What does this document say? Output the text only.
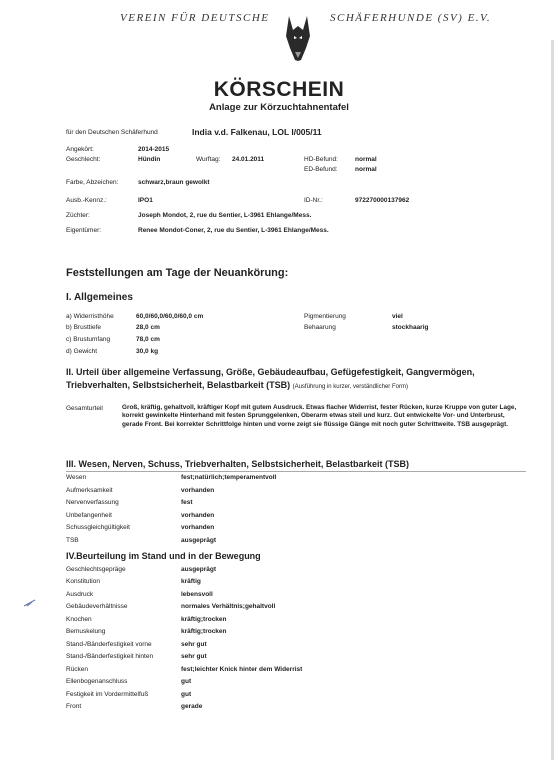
VEREIN FÜR DEUTSCHE	SCHÄFERHUNDE (SV) E.V.
KÖRSCHEIN
Anlage zur Körzuchtahnentafel
für den Deutschen Schäferhund	India v.d. Falkenau, LOL I/005/11
Angekört:	2014-2015
Geschlecht:	Hündin	Wurftag: 24.01.2011	HD-Befund:	normal
ED-Befund:	normal
Farbe, Abzeichen:	schwarz,braun gewolkt
Ausb.-Kennz.:	IPO1	ID-Nr.:	972270000137962
Züchter:	Joseph Mondot, 2, rue du Sentier, L-3961 Ehlange/Mess.
Eigentümer:	Renee Mondot-Coner, 2, rue du Sentier, L-3961 Ehlange/Mess.
Feststellungen am Tage der Neuankörung:
I. Allgemeines
a) Widerristhöhe	60,0/60,0/60,0/60,0 cm	Pigmentierung	viel
b) Brusttiefe	28,0 cm	Behaarung	stockhaarig
c) Brustumfang	78,0 cm
d) Gewicht	30,0 kg
II. Urteil über allgemeine Verfassung, Größe, Gebäudeaufbau, Gefügefestigkeit, Gangvermögen,
Triebverhalten, Selbstsicherheit, Belastbarkeit (TSB) (Ausführung in kurzer, verständlicher Form)
Gesamturteil	Groß, kräftig, gehaltvoll, kräftiger Kopf mit gutem Ausdruck. Etwas flacher Widerrist, fester Rücken, kurze Kruppe von guter Lage, korrekt gewinkelte Hinterhand mit festen Sprunggelenken, Oberarm etwas steil und kurz. Gut entwickelte Vor- und Unterbrust, gerade Front. Bei korrekter Schrittfolge hinten und vorne zeigt sie flüssige Gänge mit noch guter Schrittweite. TSB ausgeprägt.
III. Wesen, Nerven, Schuss, Triebverhalten, Selbstsicherheit, Belastbarkeit (TSB)
Wesen	fest;natürlich;temperamentvoll
Aufmerksamkeit	vorhanden
Nervenverfassung	fest
Unbefangenheit	vorhanden
Schussgleichgültigkeit	vorhanden
TSB	ausgeprägt
IV.Beurteilung im Stand und in der Bewegung
Geschlechtsgepräge	ausgeprägt
Konstitution	kräftig
Ausdruck	lebensvoll
Gebäudeverhältnisse	normales Verhältnis;gehaltvoll
Knochen	kräftig;trocken
Bemuskelung	kräftig;trocken
Stand-/Bänderfestigkeit vorne	sehr gut
Stand-/Bänderfestigkeit hinten	sehr gut
Rücken	fest;leichter Knick hinter dem Widerrist
Ellenbogenanschluss	gut
Festigkeit im Vordermittelfuß	gut
Front	gerade
